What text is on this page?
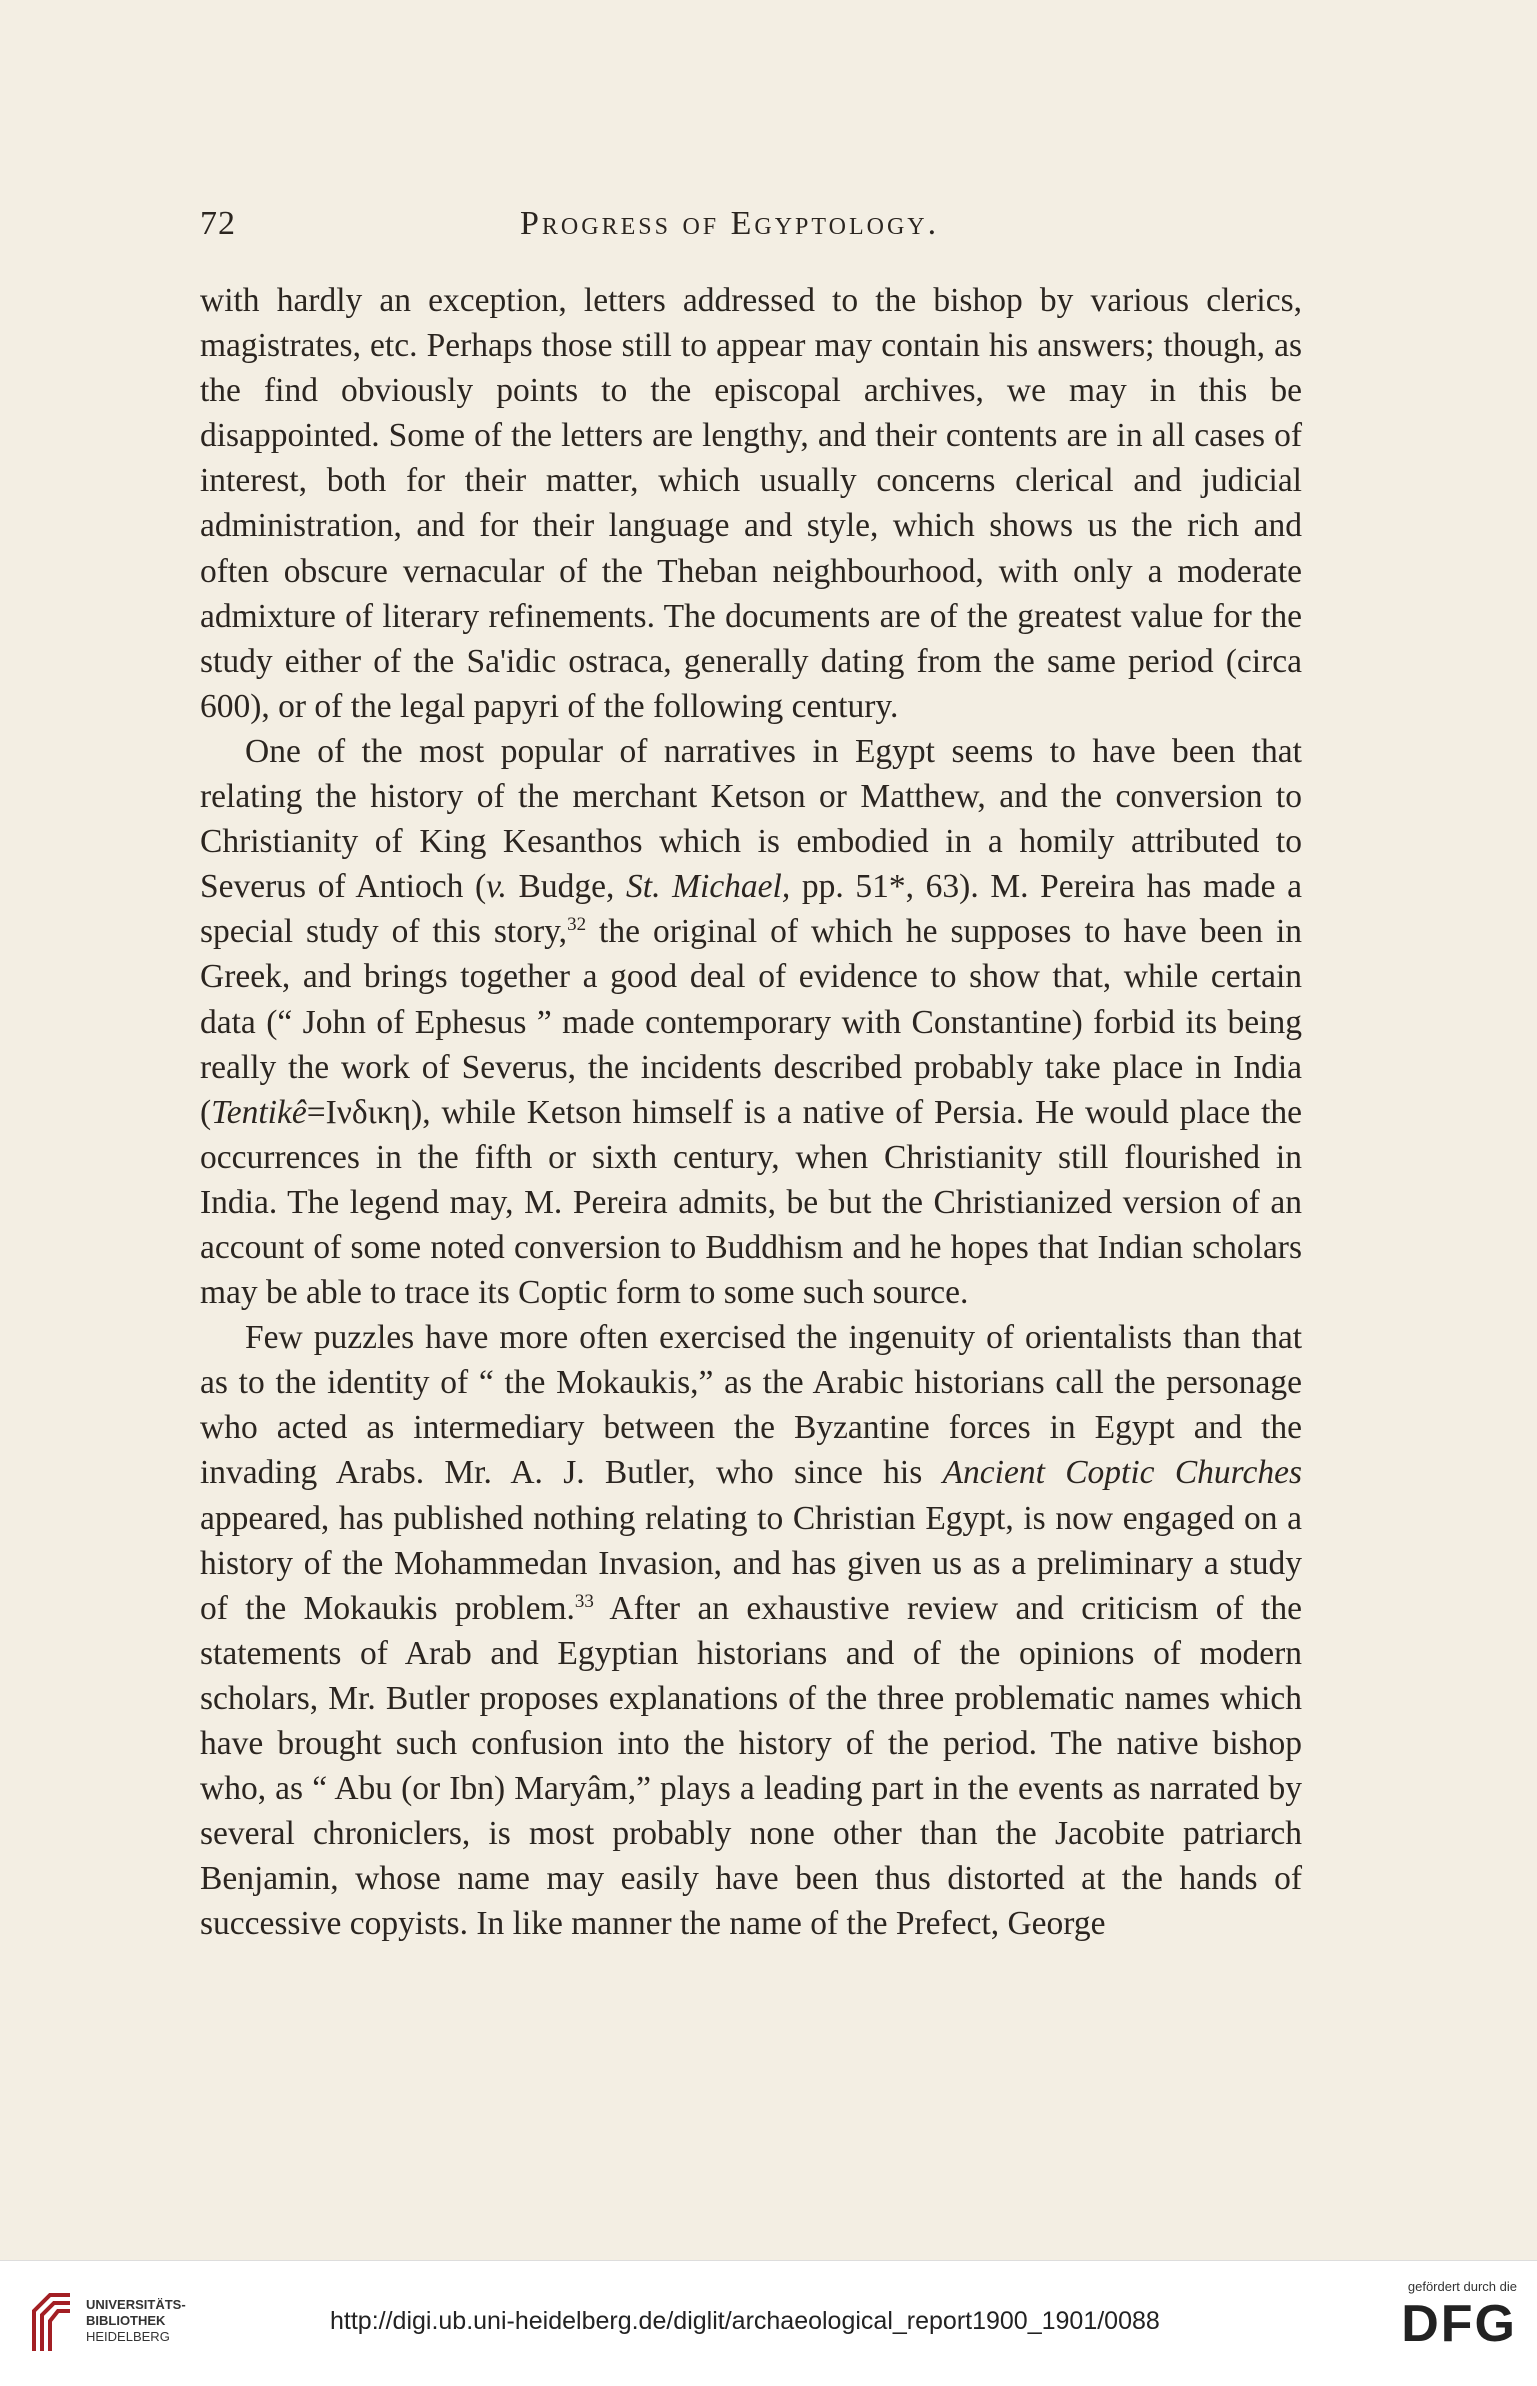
72	Progress of Egyptology.

with hardly an exception, letters addressed to the bishop by various clerics, magistrates, etc. Perhaps those still to appear may contain his answers; though, as the find obviously points to the episcopal archives, we may in this be disappointed. Some of the letters are lengthy, and their contents are in all cases of interest, both for their matter, which usually concerns clerical and judicial administration, and for their language and style, which shows us the rich and often obscure vernacular of the Theban neighbourhood, with only a moderate admixture of literary refinements. The documents are of the greatest value for the study either of the Sa'idic ostraca, generally dating from the same period (circa 600), or of the legal papyri of the following century.

One of the most popular of narratives in Egypt seems to have been that relating the history of the merchant Ketson or Matthew, and the conversion to Christianity of King Kesanthos which is embodied in a homily attributed to Severus of Antioch (v. Budge, St. Michael, pp. 51*, 63). M. Pereira has made a special study of this story,$^{32}$ the original of which he supposes to have been in Greek, and brings together a good deal of evidence to show that, while certain data (“ John of Ephesus ” made contemporary with Constantine) forbid its being really the work of Severus, the incidents described probably take place in India (Tentikê=Ινδικη), while Ketson himself is a native of Persia. He would place the occurrences in the fifth or sixth century, when Christianity still flourished in India. The legend may, M. Pereira admits, be but the Christianized version of an account of some noted conversion to Buddhism and he hopes that Indian scholars may be able to trace its Coptic form to some such source.

Few puzzles have more often exercised the ingenuity of orientalists than that as to the identity of “ the Mokaukis,” as the Arabic historians call the personage who acted as intermediary between the Byzantine forces in Egypt and the invading Arabs. Mr. A. J. Butler, who since his Ancient Coptic Churches appeared, has published nothing relating to Christian Egypt, is now engaged on a history of the Mohammedan Invasion, and has given us as a preliminary a study of the Mokaukis problem.$^{33}$ After an exhaustive review and criticism of the statements of Arab and Egyptian historians and of the opinions of modern scholars, Mr. Butler proposes explanations of the three problematic names which have brought such confusion into the history of the period. The native bishop who, as “ Abu (or Ibn) Maryâm,” plays a leading part in the events as narrated by several chroniclers, is most probably none other than the Jacobite patriarch Benjamin, whose name may easily have been thus distorted at the hands of successive copyists. In like manner the name of the Prefect, George

UNIVERSITÄTS-
BIBLIOTHEK
HEIDELBERG
http://digi.ub.uni-heidelberg.de/diglit/archaeological_report1900_1901/0088
gefördert durch die
DFG
